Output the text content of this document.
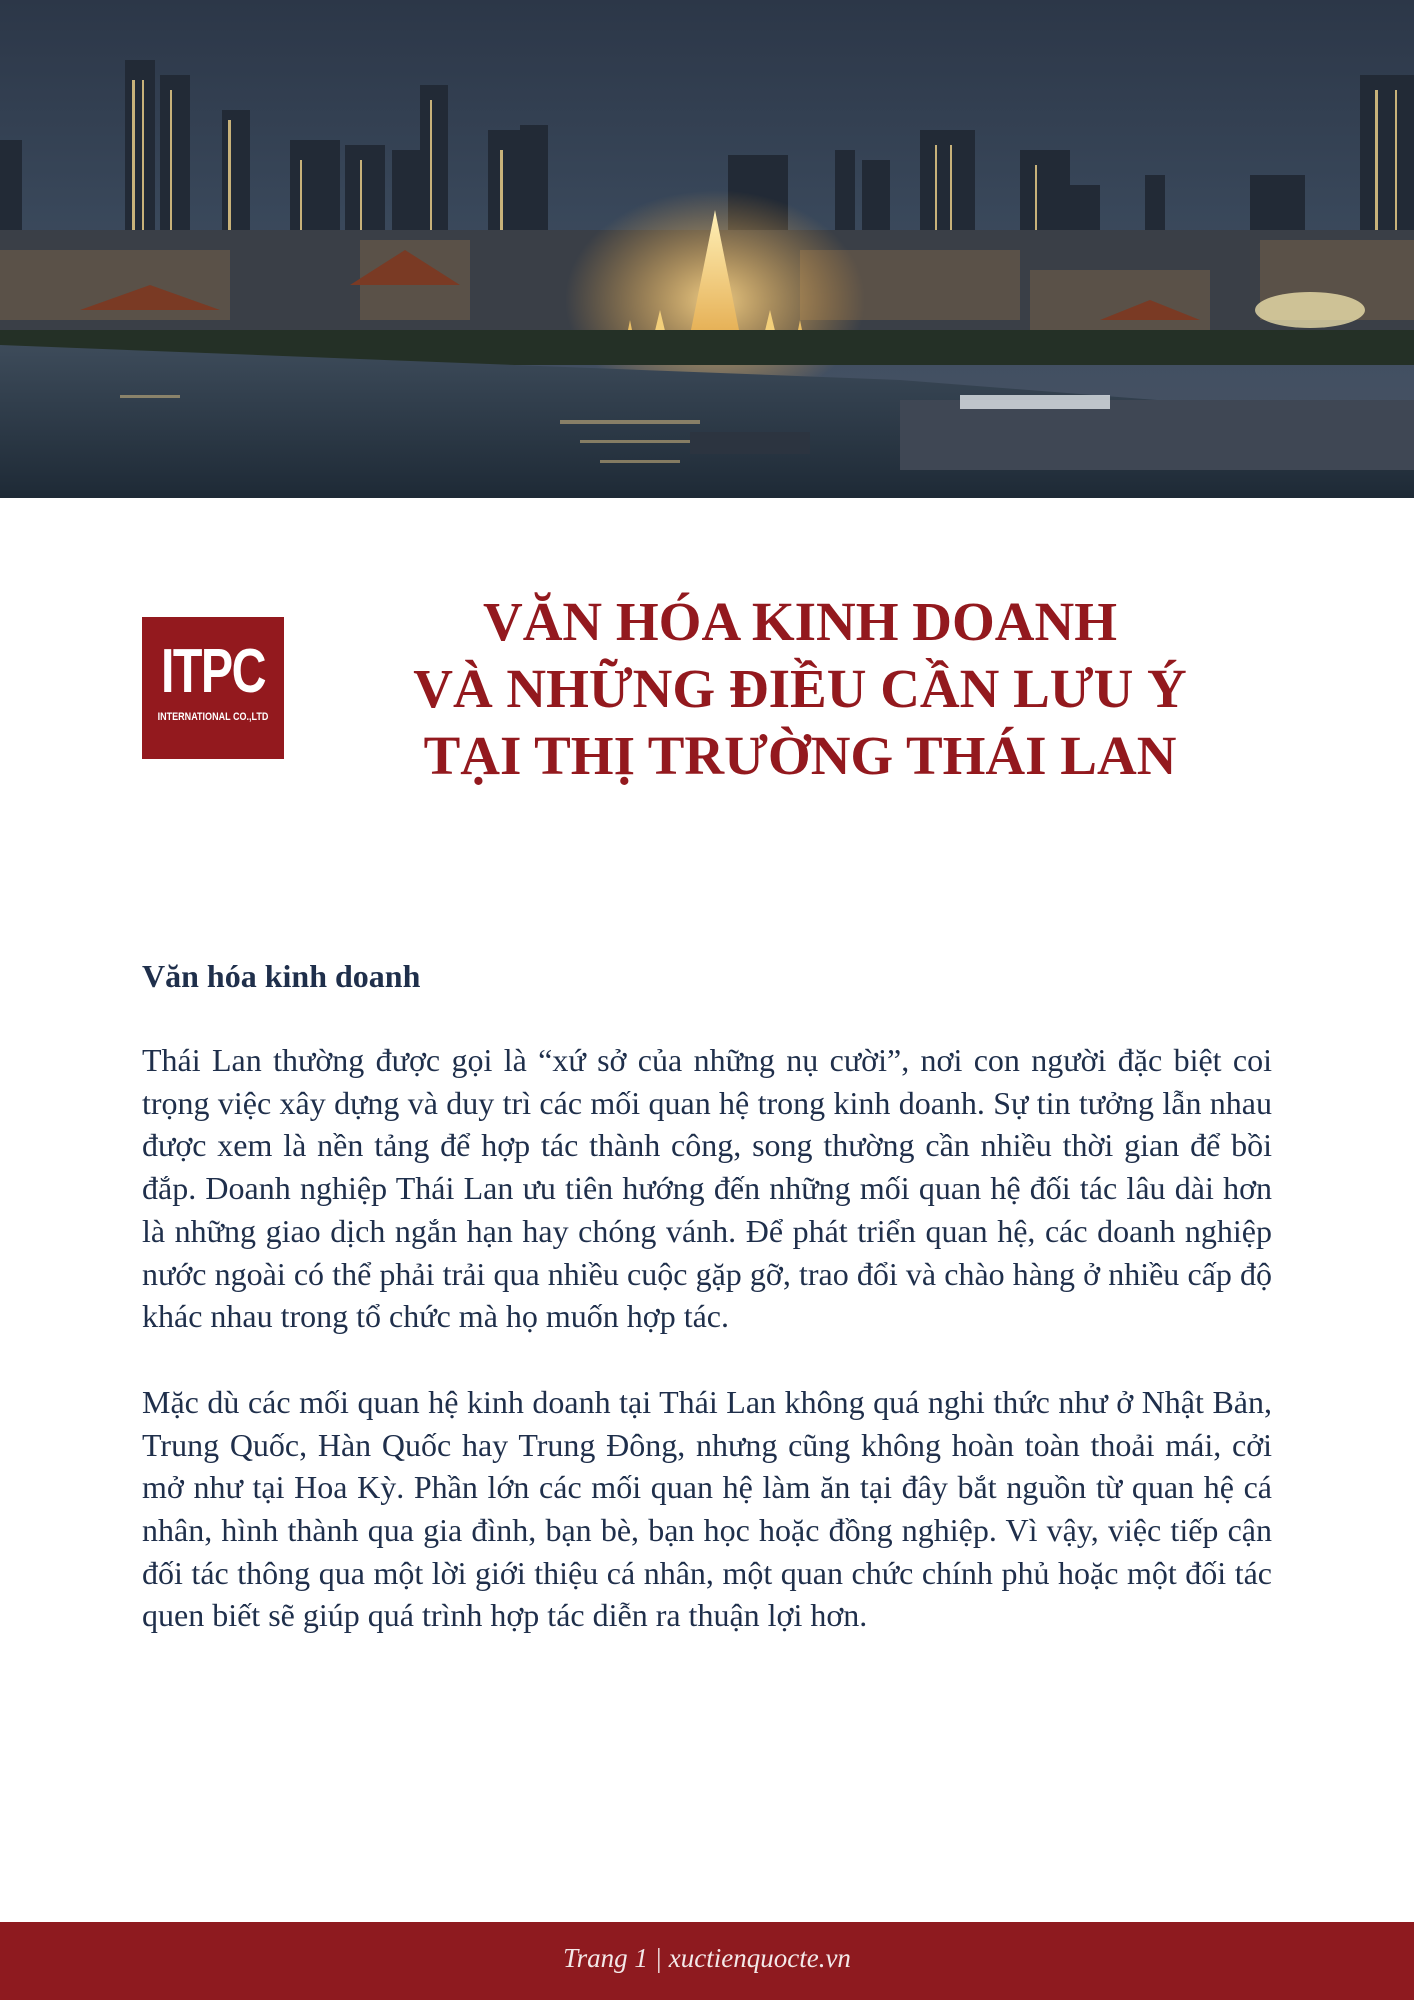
ITPC
INTERNATIONAL CO.,LTD
VĂN HÓA KINH DOANH
VÀ NHỮNG ĐIỀU CẦN LƯU Ý
TẠI THỊ TRƯỜNG THÁI LAN
Văn hóa kinh doanh

Thái Lan thường được gọi là “xứ sở của những nụ cười”, nơi con người đặc biệt coi trọng việc xây dựng và duy trì các mối quan hệ trong kinh doanh. Sự tin tưởng lẫn nhau được xem là nền tảng để hợp tác thành công, song thường cần nhiều thời gian để bồi đắp. Doanh nghiệp Thái Lan ưu tiên hướng đến những mối quan hệ đối tác lâu dài hơn là những giao dịch ngắn hạn hay chóng vánh. Để phát triển quan hệ, các doanh nghiệp nước ngoài có thể phải trải qua nhiều cuộc gặp gỡ, trao đổi và chào hàng ở nhiều cấp độ khác nhau trong tổ chức mà họ muốn hợp tác.

Mặc dù các mối quan hệ kinh doanh tại Thái Lan không quá nghi thức như ở Nhật Bản, Trung Quốc, Hàn Quốc hay Trung Đông, nhưng cũng không hoàn toàn thoải mái, cởi mở như tại Hoa Kỳ. Phần lớn các mối quan hệ làm ăn tại đây bắt nguồn từ quan hệ cá nhân, hình thành qua gia đình, bạn bè, bạn học hoặc đồng nghiệp. Vì vậy, việc tiếp cận đối tác thông qua một lời giới thiệu cá nhân, một quan chức chính phủ hoặc một đối tác quen biết sẽ giúp quá trình hợp tác diễn ra thuận lợi hơn.

Trang 1 | xuctienquocte.vn
